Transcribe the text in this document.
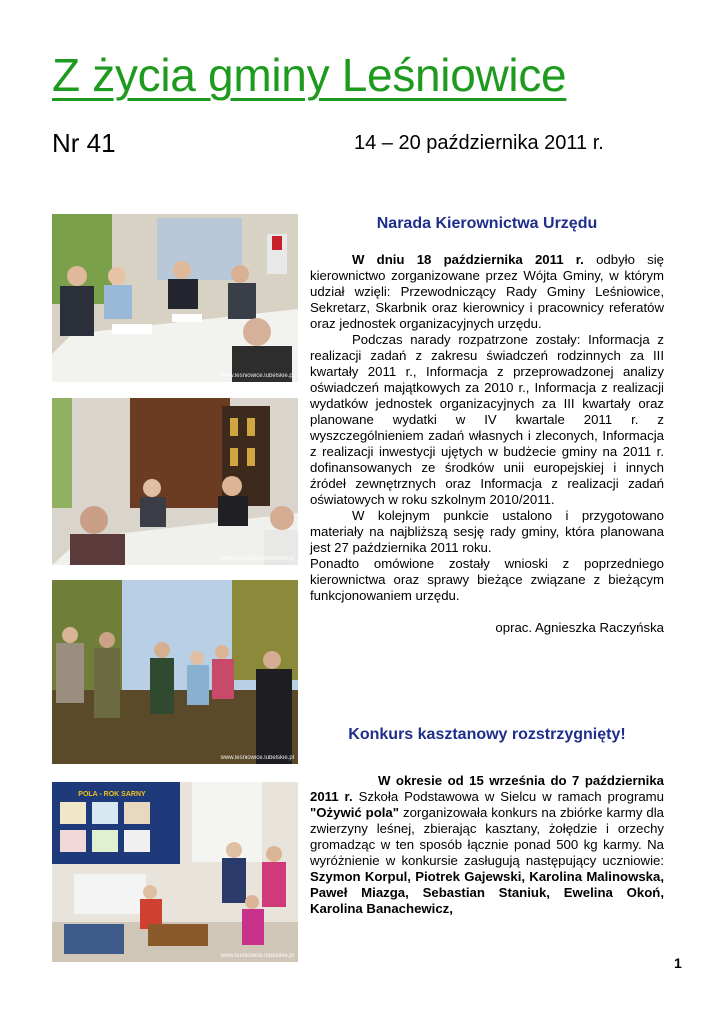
Z życia gminy Leśniowice
Nr 41	14 – 20 października 2011 r.
www.lesniowice.lubelskie.pl
www.lesniowice.lubelskie.pl
www.lesniowice.lubelskie.pl
POLA - ROK SARNY
www.lesniowice.lubelskie.pl
Narada Kierownictwa Urzędu

W dniu 18 października 2011 r. odbyło się kierownictwo zorganizowane przez Wójta Gminy, w którym udział wzięli: Przewodniczący Rady Gminy Leśniowice, Sekretarz, Skarbnik oraz kierownicy i pracownicy referatów oraz jednostek organizacyjnych urzędu.

Podczas narady rozpatrzone zostały: Informacja z realizacji zadań z zakresu świadczeń rodzinnych za III kwartały 2011 r., Informacja z przeprowadzonej analizy oświadczeń majątkowych za 2010 r., Informacja z realizacji wydatków jednostek organizacyjnych za III kwartały oraz planowane wydatki w IV kwartale 2011 r. z wyszczególnieniem zadań własnych i zleconych, Informacja z realizacji inwestycji ujętych w budżecie gminy na 2011 r. dofinansowanych ze środków unii europejskiej i innych źródeł zewnętrznych oraz Informacja z realizacji zadań oświatowych w roku szkolnym 2010/2011.

W kolejnym punkcie ustalono i przygotowano materiały na najbliższą sesję rady gminy, która planowana jest 27 października 2011 roku.

Ponadto omówione zostały wnioski z poprzedniego kierownictwa oraz sprawy bieżące związane z bieżącym funkcjonowaniem urzędu.

oprac. Agnieszka Raczyńska

Konkurs kasztanowy rozstrzygnięty!

W okresie od 15 września do 7 października 2011 r. Szkoła Podstawowa w Sielcu w ramach programu "Ożywić pola" zorganizowała konkurs na zbiórke karmy dla zwierzyny leśnej, zbierając kasztany, żołędzie i orzechy gromadząc w ten sposób łącznie ponad 500 kg karmy. Na wyróżnienie w konkursie zasługują następujący uczniowie: Szymon Korpul, Piotrek Gajewski, Karolina Malinowska, Paweł Miazga, Sebastian Staniuk, Ewelina Okoń, Karolina Banachewicz,

1
